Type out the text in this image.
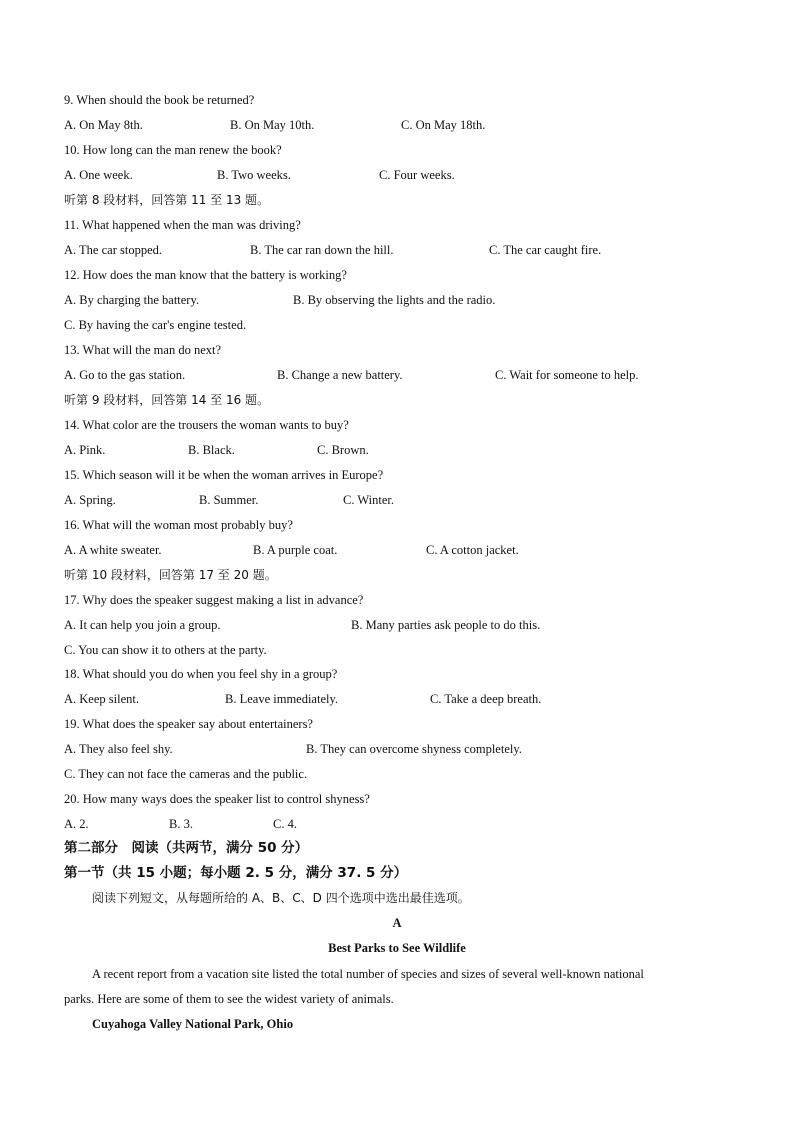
9. When should the book be returned?
A. On May 8th.	B. On May 10th.	C. On May 18th.
10. How long can the man renew the book?
A. One week.	B. Two weeks.	C. Four weeks.
听第 8 段材料，回答第 11 至 13 题。
11. What happened when the man was driving?
A. The car stopped.	B. The car ran down the hill.	C. The car caught fire.
12. How does the man know that the battery is working?
A. By charging the battery.	B. By observing the lights and the radio.
C. By having the car's engine tested.
13. What will the man do next?
A. Go to the gas station.	B. Change a new battery.	C. Wait for someone to help.
听第 9 段材料，回答第 14 至 16 题。
14. What color are the trousers the woman wants to buy?
A. Pink.	B. Black.	C. Brown.
15. Which season will it be when the woman arrives in Europe?
A. Spring.	B. Summer.	C. Winter.
16. What will the woman most probably buy?
A. A white sweater.	B. A purple coat.	C. A cotton jacket.
听第 10 段材料，回答第 17 至 20 题。
17. Why does the speaker suggest making a list in advance?
A. It can help you join a group.	B. Many parties ask people to do this.
C. You can show it to others at the party.
18. What should you do when you feel shy in a group?
A. Keep silent.	B. Leave immediately.	C. Take a deep breath.
19. What does the speaker say about entertainers?
A. They also feel shy.	B. They can overcome shyness completely.
C. They can not face the cameras and the public.
20. How many ways does the speaker list to control shyness?
A. 2.	B. 3.	C. 4.
第二部分　阅读（共两节，满分 50 分）
第一节（共 15 小题；每小题 2. 5 分，满分 37. 5 分）
阅读下列短文，从每题所给的 A、B、C、D 四个选项中选出最佳选项。
A
Best Parks to See Wildlife
A recent report from a vacation site listed the total number of species and sizes of several well-known national
parks. Here are some of them to see the widest variety of animals.
Cuyahoga Valley National Park, Ohio
